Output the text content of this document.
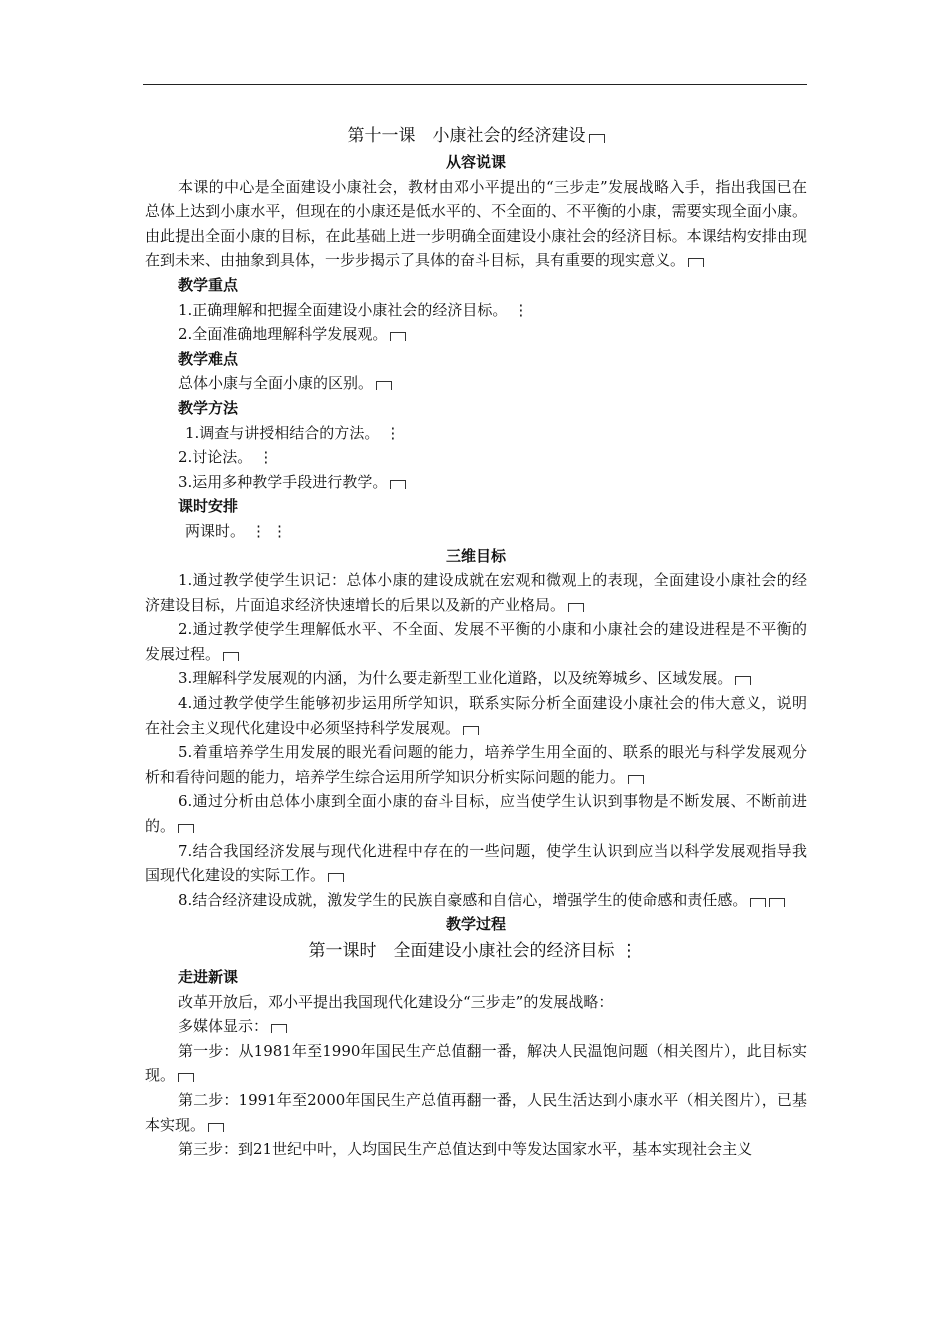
第十一课　小康社会的经济建设
从容说课

本课的中心是全面建设小康社会，教材由邓小平提出的“三步走”发展战略入手，指出我国已在总体上达到小康水平，但现在的小康还是低水平的、不全面的、不平衡的小康，需要实现全面小康。由此提出全面小康的目标，在此基础上进一步明确全面建设小康社会的经济目标。本课结构安排由现在到未来、由抽象到具体，一步步揭示了具体的奋斗目标，具有重要的现实意义。

教学重点

1.正确理解和把握全面建设小康社会的经济目标。 ⋮

2.全面准确地理解科学发展观。

教学难点

总体小康与全面小康的区别。

教学方法

1.调查与讲授相结合的方法。 ⋮

2.讨论法。 ⋮

3.运用多种教学手段进行教学。

课时安排

两课时。 ⋮⋮

三维目标

1.通过教学使学生识记：总体小康的建设成就在宏观和微观上的表现，全面建设小康社会的经济建设目标，片面追求经济快速增长的后果以及新的产业格局。

2.通过教学使学生理解低水平、不全面、发展不平衡的小康和小康社会的建设进程是不平衡的发展过程。

3.理解科学发展观的内涵，为什么要走新型工业化道路，以及统筹城乡、区域发展。

4.通过教学使学生能够初步运用所学知识，联系实际分析全面建设小康社会的伟大意义，说明在社会主义现代化建设中必须坚持科学发展观。

5.着重培养学生用发展的眼光看问题的能力，培养学生用全面的、联系的眼光与科学发展观分析和看待问题的能力，培养学生综合运用所学知识分析实际问题的能力。

6.通过分析由总体小康到全面小康的奋斗目标，应当使学生认识到事物是不断发展、不断前进的。

7.结合我国经济发展与现代化进程中存在的一些问题，使学生认识到应当以科学发展观指导我国现代化建设的实际工作。

8.结合经济建设成就，激发学生的民族自豪感和自信心，增强学生的使命感和责任感。

教学过程
第一课时　全面建设小康社会的经济目标 ⋮
走进新课

改革开放后，邓小平提出我国现代化建设分“三步走”的发展战略：

多媒体显示：

第一步：从1981年至1990年国民生产总值翻一番，解决人民温饱问题（相关图片），此目标实现。

第二步：1991年至2000年国民生产总值再翻一番，人民生活达到小康水平（相关图片），已基本实现。

第三步：到21世纪中叶，人均国民生产总值达到中等发达国家水平，基本实现社会主义
